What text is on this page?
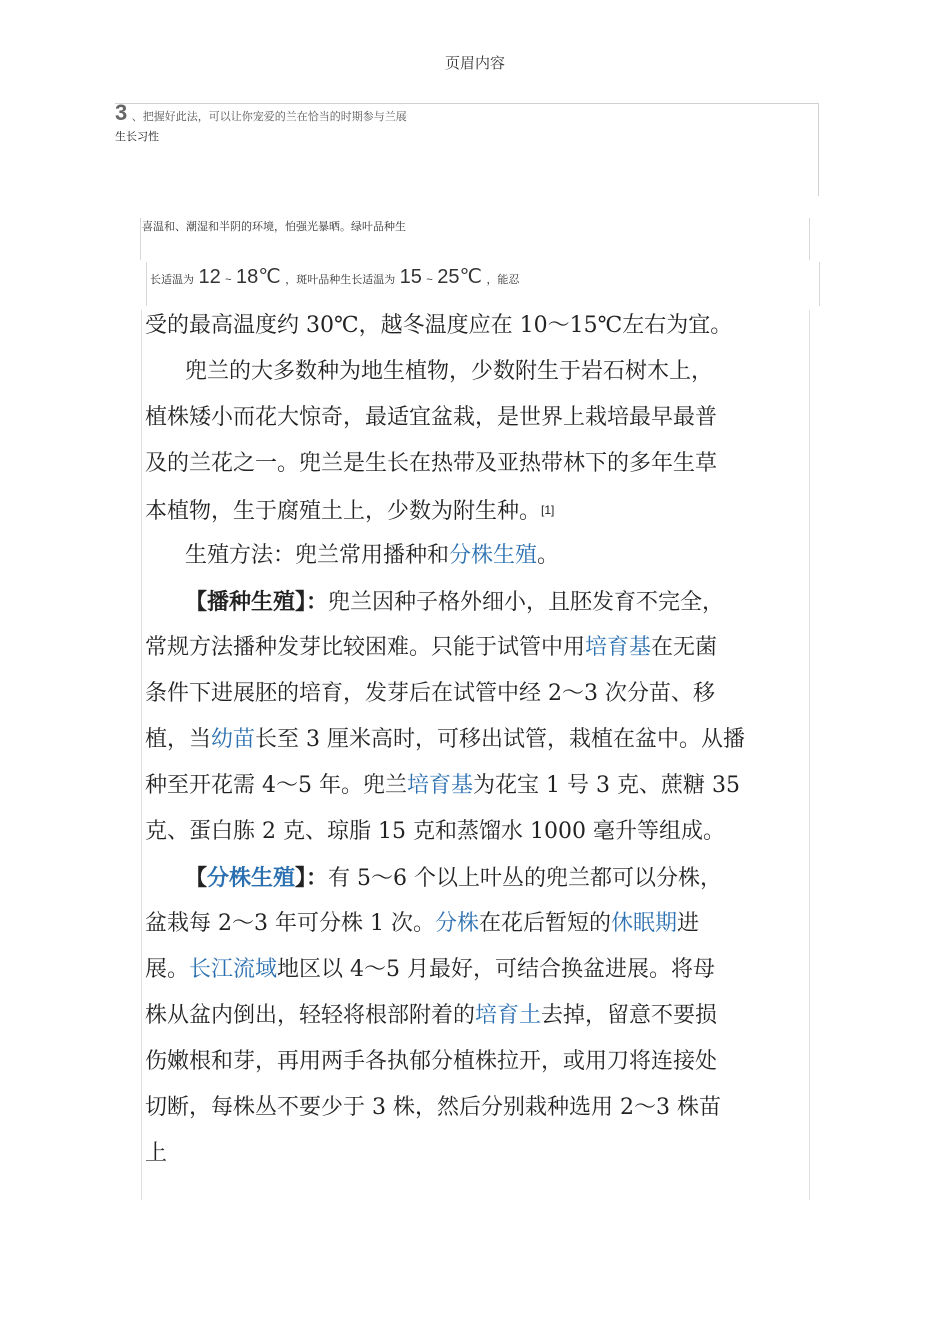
页眉内容
3 、把握好此法，可以让你宠爱的兰在恰当的时期参与兰展
生长习性
喜温和、潮湿和半阴的环境，怕强光暴晒。绿叶品种生
长适温为 12 ~ 18℃ ，斑叶品种生长适温为 15 ~ 25℃ ，能忍

受的最高温度约 30℃，越冬温度应在 10～15℃左右为宜。

兜兰的大多数种为地生植物，少数附生于岩石树木上，

植株矮小而花大惊奇，最适宜盆栽，是世界上栽培最早最普

及的兰花之一。兜兰是生长在热带及亚热带林下的多年生草

本植物，生于腐殖土上，少数为附生种。[1]

生殖方法：兜兰常用播种和分株生殖。

【播种生殖】：兜兰因种子格外细小，且胚发育不完全，

常规方法播种发芽比较困难。只能于试管中用培育基在无菌

条件下进展胚的培育，发芽后在试管中经 2～3 次分苗、移

植，当幼苗长至 3 厘米高时，可移出试管，栽植在盆中。从播

种至开花需 4～5 年。兜兰培育基为花宝 1 号 3 克、蔗糖 35

克、蛋白胨 2 克、琼脂 15 克和蒸馏水 1000 毫升等组成。

【分株生殖】：有 5～6 个以上叶丛的兜兰都可以分株，

盆栽每 2～3 年可分株 1 次。分株在花后暂短的休眠期进

展。长江流域地区以 4～5 月最好，可结合换盆进展。将母

株从盆内倒出，轻轻将根部附着的培育土去掉，留意不要损

伤嫩根和芽，再用两手各执郁分植株拉开，或用刀将连接处

切断，每株丛不要少于 3 株，然后分别栽种选用 2～3 株苗

上
